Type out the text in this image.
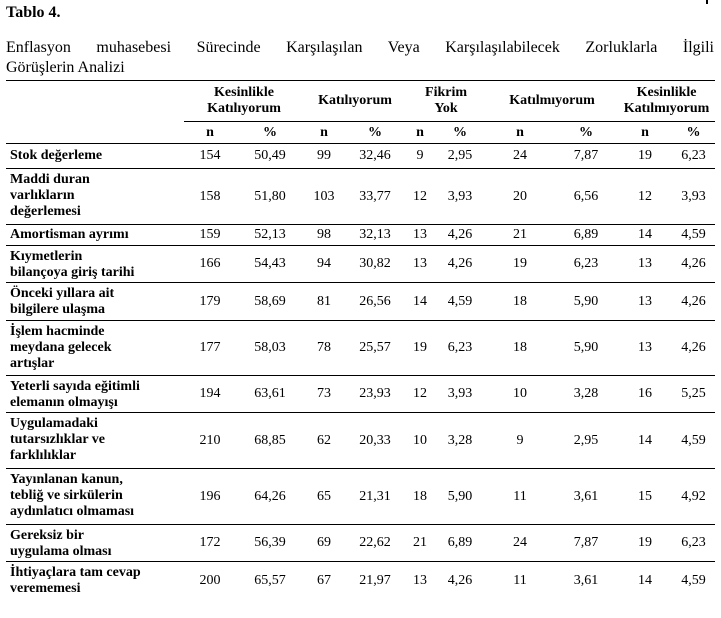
Tablo 4.
Enflasyon muhasebesi Sürecinde Karşılaşılan Veya Karşılaşılabilecek Zorluklarla İlgili
Görüşlerin Analizi

	Kesinlikle
Katılıyorum		Katılıyorum		Fikrim
Yok		Katılmıyorum		Kesinlikle
Katılmıyorum	

	n	%	n	%	n	%	n	%	n	%

Stok değerleme	154	50,49	99	32,46	9	2,95	24	7,87	19	6,23

Maddi duran
varlıkların
değerlemesi	158	51,80	103	33,77	12	3,93	20	6,56	12	3,93

Amortisman ayrımı	159	52,13	98	32,13	13	4,26	21	6,89	14	4,59

Kıymetlerin
bilançoya giriş tarihi	166	54,43	94	30,82	13	4,26	19	6,23	13	4,26

Önceki yıllara ait
bilgilere ulaşma	179	58,69	81	26,56	14	4,59	18	5,90	13	4,26

İşlem hacminde
meydana gelecek
artışlar	177	58,03	78	25,57	19	6,23	18	5,90	13	4,26

Yeterli sayıda eğitimli
elemanın olmayışı	194	63,61	73	23,93	12	3,93	10	3,28	16	5,25

Uygulamadaki
tutarsızlıklar ve
farklılıklar	210	68,85	62	20,33	10	3,28	9	2,95	14	4,59

Yayınlanan kanun,
tebliğ ve sirkülerin
aydınlatıcı olmaması	196	64,26	65	21,31	18	5,90	11	3,61	15	4,92

Gereksiz bir
uygulama olması	172	56,39	69	22,62	21	6,89	24	7,87	19	6,23

İhtiyaçlara tam cevap
verememesi	200	65,57	67	21,97	13	4,26	11	3,61	14	4,59
